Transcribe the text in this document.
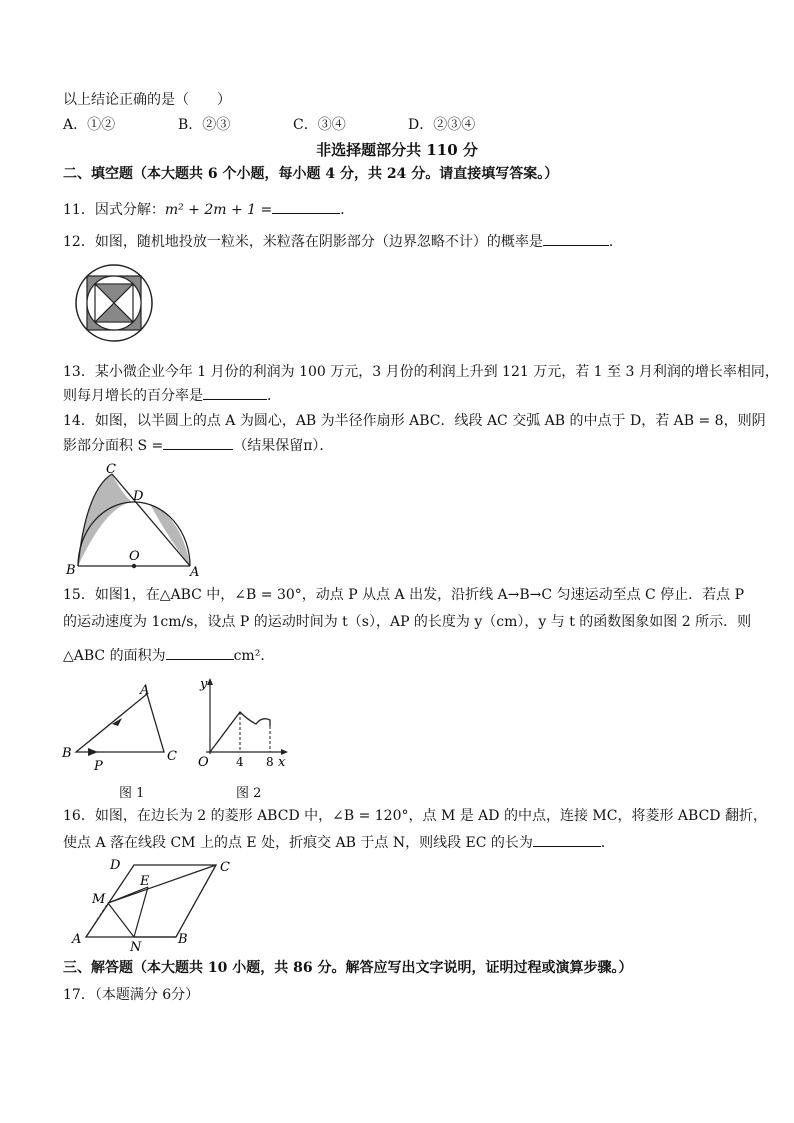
以上结论正确的是（　　）
A．①②	B．②③	C．③④	D．②③④
非选择题部分共 110 分
二、填空题（本大题共 6 个小题，每小题 4 分，共 24 分。请直接填写答案。）
11．因式分解：m² + 2m + 1 =	．
12．如图，随机地投放一粒米，米粒落在阴影部分（边界忽略不计）的概率是	．
13．某小微企业今年 1 月份的利润为 100 万元，3 月份的利润上升到 121 万元，若 1 至 3 月利润的增长率相同，
则每月增长的百分率是	．
14．如图，以半圆上的点 A 为圆心，AB 为半径作扇形 ABC．线段 AC 交弧 AB 的中点于 D，若 AB = 8，则阴
影部分面积 S =	（结果保留π）．
C
D
B
O
A
15．如图1，在△ABC 中，∠B = 30°，动点 P 从点 A 出发，沿折线 A→B→C 匀速运动至点 C 停止．若点 P
的运动速度为 1cm/s，设点 P 的运动时间为 t（s），AP 的长度为 y（cm），y 与 t 的函数图象如图 2 所示．则
△ABC 的面积为	cm²．
A
B	C
P
图 1
y
O	x
4 8
图 2
16．如图，在边长为 2 的菱形 ABCD 中，∠B = 120°，点 M 是 AD 的中点，连接 MC，将菱形 ABCD 翻折，
使点 A 落在线段 CM 上的点 E 处，折痕交 AB 于点 N，则线段 EC 的长为	．
D	C
E
M
A
N
B
三、解答题（本大题共 10 小题，共 86 分。解答应写出文字说明，证明过程或演算步骤。）
17．（本题满分 6分）
